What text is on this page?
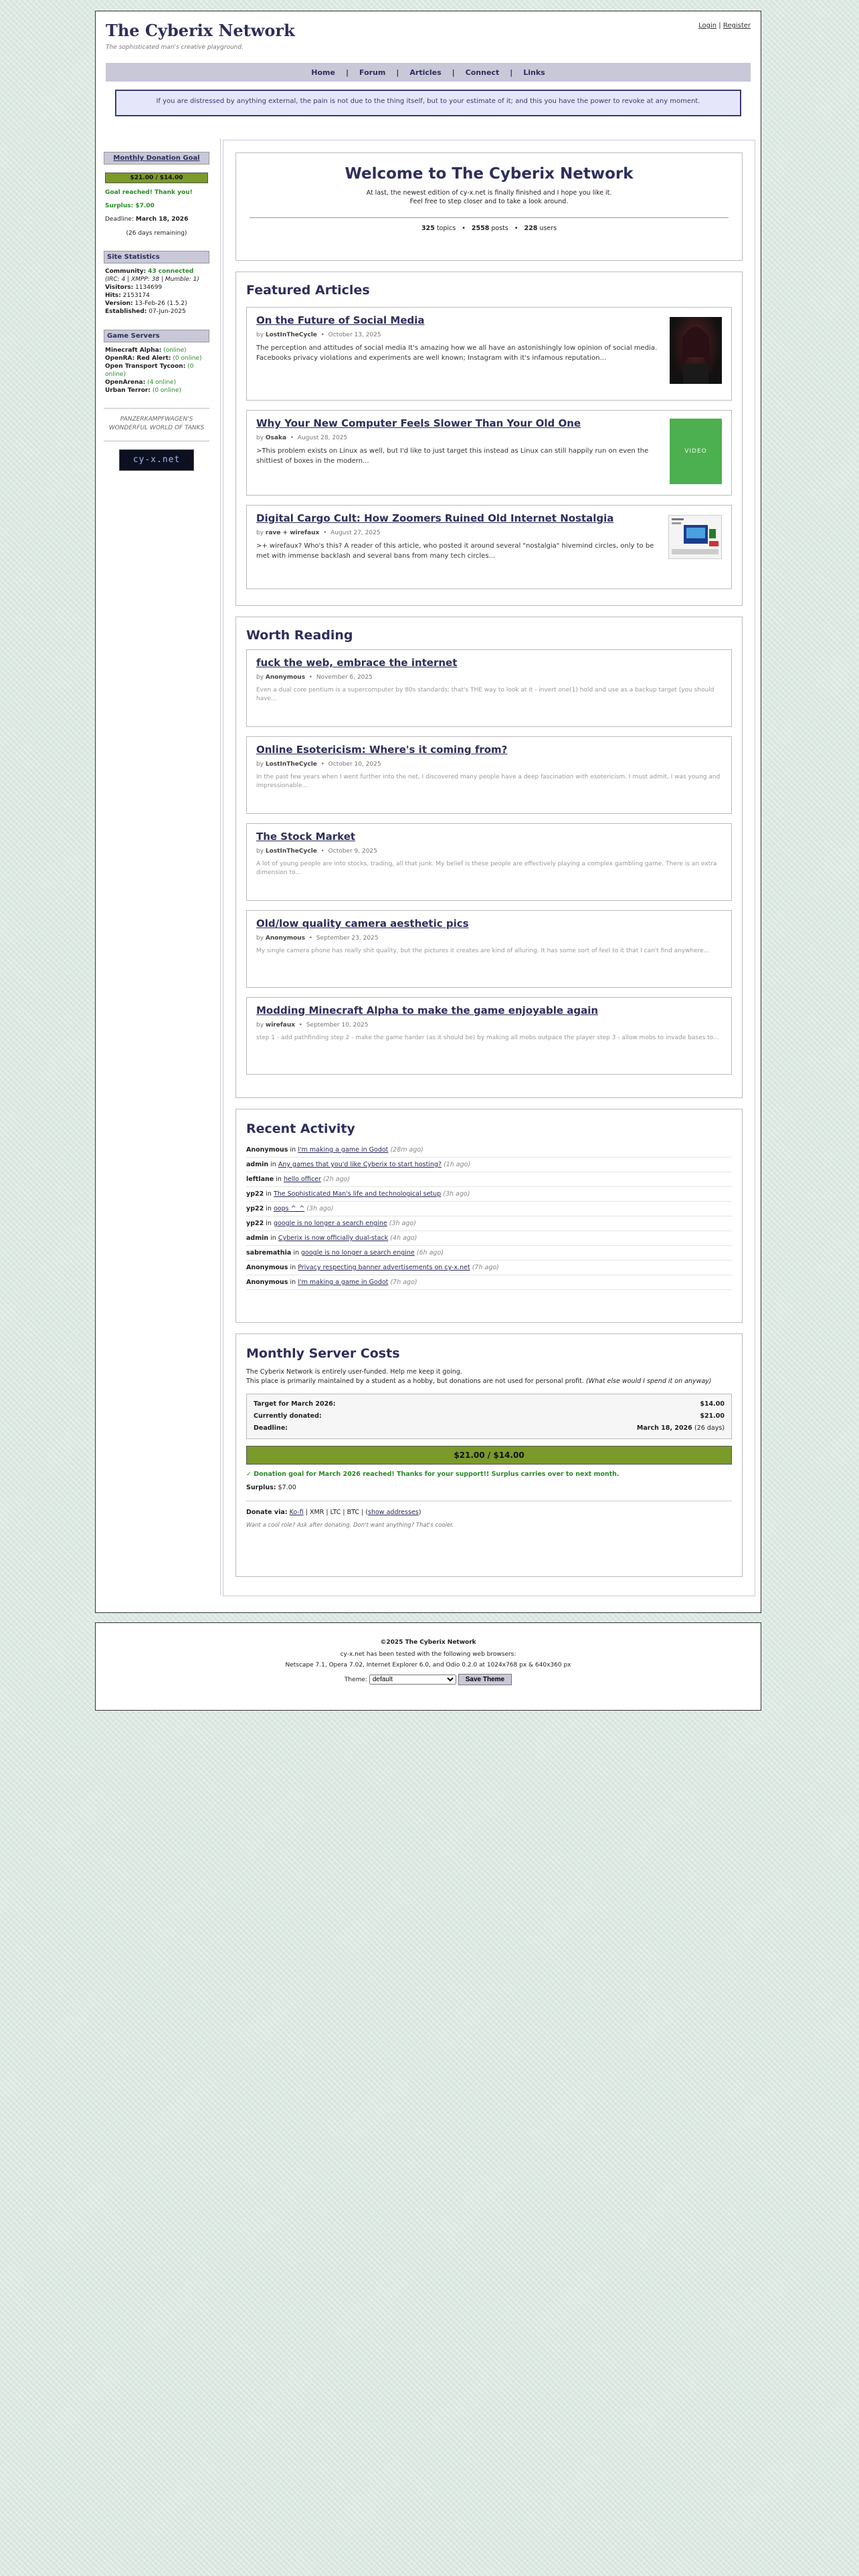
The Cyberix Network
The sophisticated man's creative playground.
Login | Register
Home | Forum | Articles | Connect | Links
If you are distressed by anything external, the pain is not due to the thing itself, but to your estimate of it; and this you have the power to revoke at any moment.
Monthly Donation Goal
$21.00 / $14.00
Goal reached! Thank you!
Surplus: $7.00
Deadline: March 18, 2026
(26 days remaining)
Site Statistics
Community: 43 connected
(IRC: 4 | XMPP: 38 | Mumble: 1) Visitors: 1134699
Hits: 2153174
Version: 13-Feb-26 (1.5.2)
Established: 07-Jun-2025
Game Servers
Minecraft Alpha: (online)
OpenRA: Red Alert: (0 online)
Open Transport Tycoon: (0 online)
OpenArena: (4 online)
Urban Terror: (0 online)
PANZERKAMPFWAGEN'S WONDERFUL WORLD OF TANKS
cy-x.net
Welcome to The Cyberix Network
At last, the newest edition of cy-x.net is finally finished and I hope you like it.
Feel free to step closer and to take a look around.
325 topics • 2558 posts • 228 users
Featured Articles
On the Future of Social Media
by LostInTheCycle  •  October 13, 2025
The perception and attitudes of social media It's amazing how we all have an astonishingly low opinion of social media. Facebooks privacy violations and experiments are well known; Instagram with it's infamous reputation...
Why Your New Computer Feels Slower Than Your Old One
by Osaka  •  August 28, 2025
>This problem exists on Linux as well, but I'd like to just target this instead as Linux can still happily run on even the shittiest of boxes in the modern...
VIDEO
Digital Cargo Cult: How Zoomers Ruined Old Internet Nostalgia
by rave + wirefaux  •  August 27, 2025
>+ wirefaux? Who's this? A reader of this article, who posted it around several "nostalgia" hivemind circles, only to be met with immense backlash and several bans from many tech circles...
Worth Reading
fuck the web, embrace the internet
by Anonymous  •  November 6, 2025
Even a dual core pentium is a supercomputer by 80s standards; that's THE way to look at it - invert one(1) hold and use as a backup target (you should have...
Online Esotericism: Where's it coming from?
by LostInTheCycle  •  October 10, 2025
In the past few years when I went further into the net, I discovered many people have a deep fascination with esotericism. I must admit, I was young and impressionable...
The Stock Market
by LostInTheCycle  •  October 9, 2025
A lot of young people are into stocks, trading, all that junk. My belief is these people are effectively playing a complex gambling game. There is an extra dimension to...
Old/low quality camera aesthetic pics
by Anonymous  •  September 23, 2025
My single camera phone has really shit quality, but the pictures it creates are kind of alluring. It has some sort of feel to it that I can't find anywhere...
Modding Minecraft Alpha to make the game enjoyable again
by wirefaux  •  September 10, 2025
step 1 - add pathfinding step 2 - make the game harder (as it should be) by making all mobs outpace the player step 3 - allow mobs to invade bases to...
Recent Activity
Anonymous in I'm making a game in Godot (28m ago)
admin in Any games that you'd like Cyberix to start hosting? (1h ago)
leftlane in hello officer (2h ago)
yp22 in The Sophisticated Man's life and technological setup (3h ago)
yp22 in oops ^_^ (3h ago)
yp22 in google is no longer a search engine (3h ago)
admin in Cyberix is now officially dual-stack (4h ago)
sabremathia in google is no longer a search engine (6h ago)
Anonymous in Privacy respecting banner advertisements on cy-x.net (7h ago)
Anonymous in I'm making a game in Godot (7h ago)
Monthly Server Costs
The Cyberix Network is entirely user-funded. Help me keep it going.
This place is primarily maintained by a student as a hobby, but donations are not used for personal profit. (What else would I spend it on anyway)
Target for March 2026:	$14.00
Currently donated:	$21.00
Deadline:	March 18, 2026 (26 days)
$21.00 / $14.00
✓ Donation goal for March 2026 reached! Thanks for your support!! Surplus carries over to next month.
Surplus: $7.00
Donate via: Ko-fi | XMR | LTC | BTC | (show addresses)
Want a cool role? Ask after donating. Don't want anything? That's cooler.
©2025 The Cyberix Network
cy-x.net has been tested with the following web browsers:
Netscape 7.1, Opera 7.02, Internet Explorer 6.0, and Odio 0.2.0 at 1024x768 px & 640x360 px
Theme:
default	Save Theme
